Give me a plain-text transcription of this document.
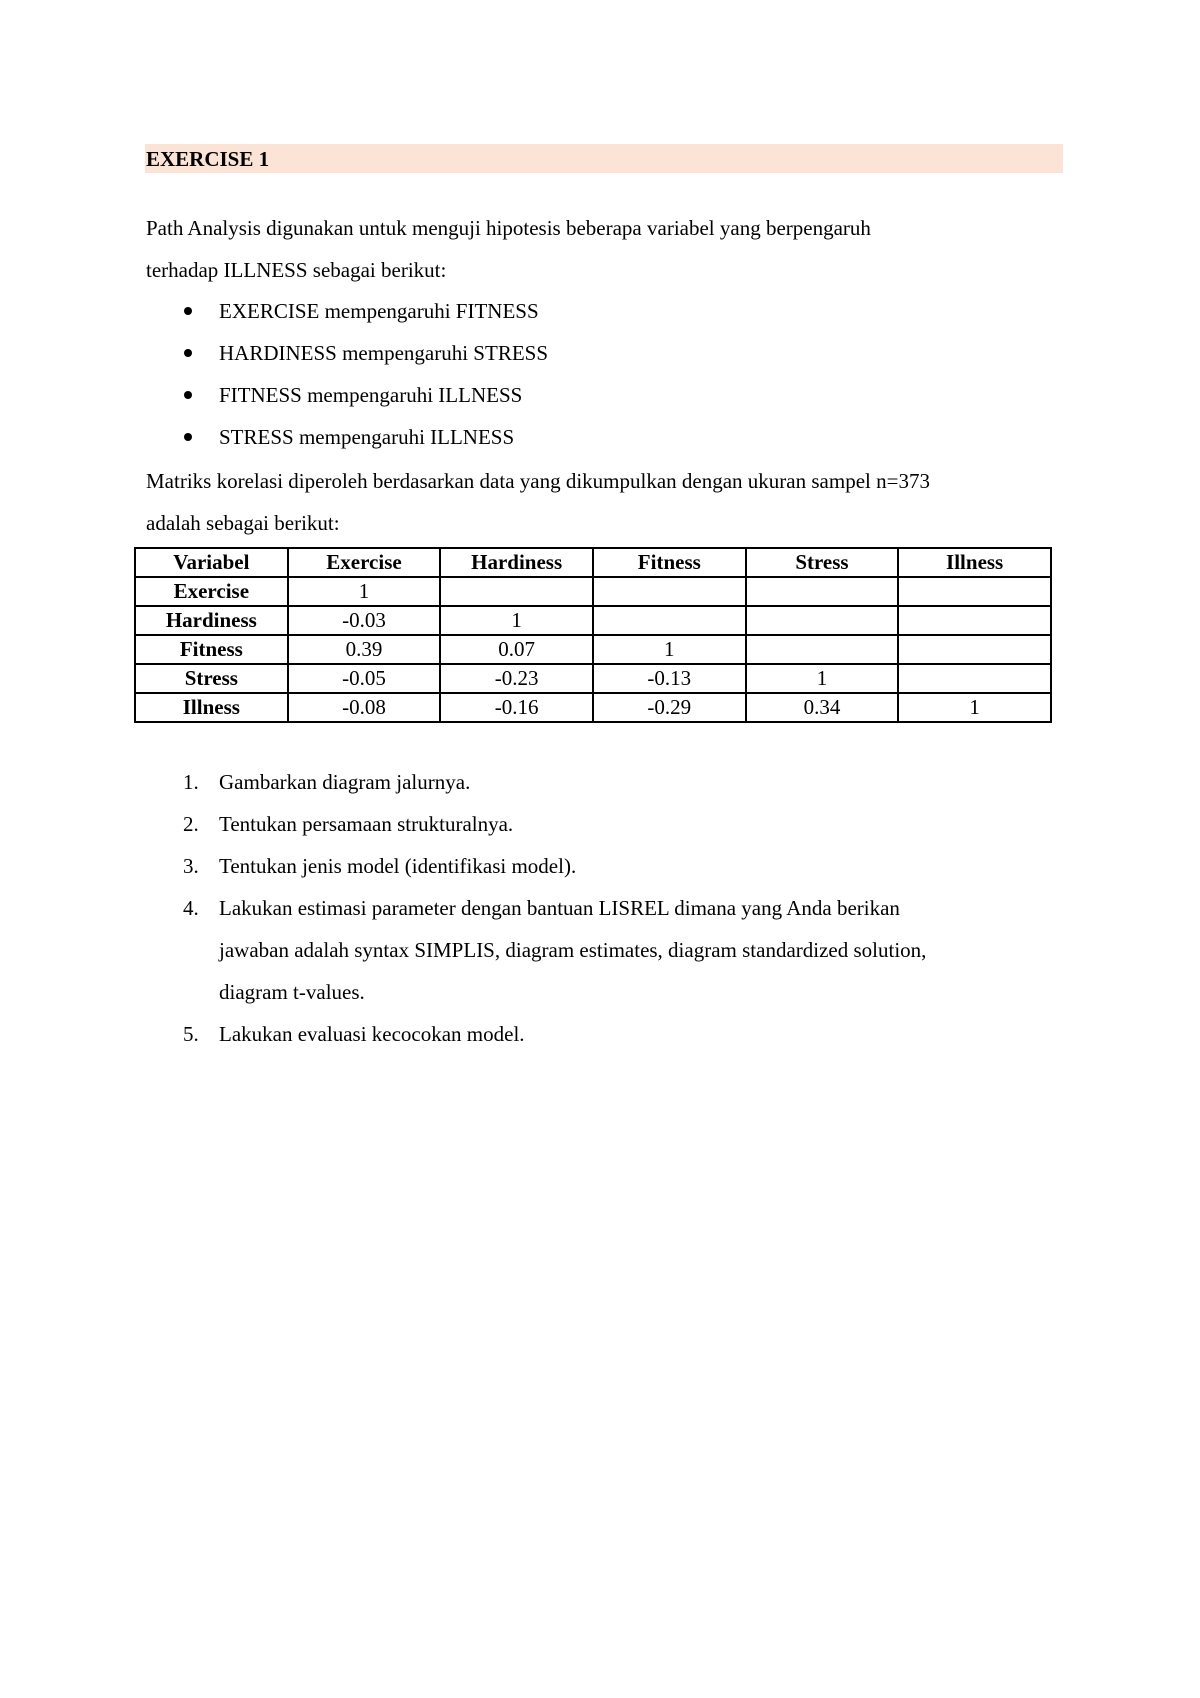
EXERCISE 1
Path Analysis digunakan untuk menguji hipotesis beberapa variabel yang berpengaruh
terhadap ILLNESS sebagai berikut:
EXERCISE mempengaruhi FITNESS
HARDINESS mempengaruhi STRESS
FITNESS mempengaruhi ILLNESS
STRESS mempengaruhi ILLNESS
Matriks korelasi diperoleh berdasarkan data yang dikumpulkan dengan ukuran sampel n=373
adalah sebagai berikut:
Variabel	Exercise	Hardiness	Fitness	Stress	Illness
Exercise	1				
Hardiness	-0.03	1			
Fitness	0.39	0.07	1		
Stress	-0.05	-0.23	-0.13	1	
Illness	-0.08	-0.16	-0.29	0.34	1
1. Gambarkan diagram jalurnya.
2. Tentukan persamaan strukturalnya.
3. Tentukan jenis model (identifikasi model).
4. Lakukan estimasi parameter dengan bantuan LISREL dimana yang Anda berikan
jawaban adalah syntax SIMPLIS, diagram estimates, diagram standardized solution,
diagram t-values.
5. Lakukan evaluasi kecocokan model.
